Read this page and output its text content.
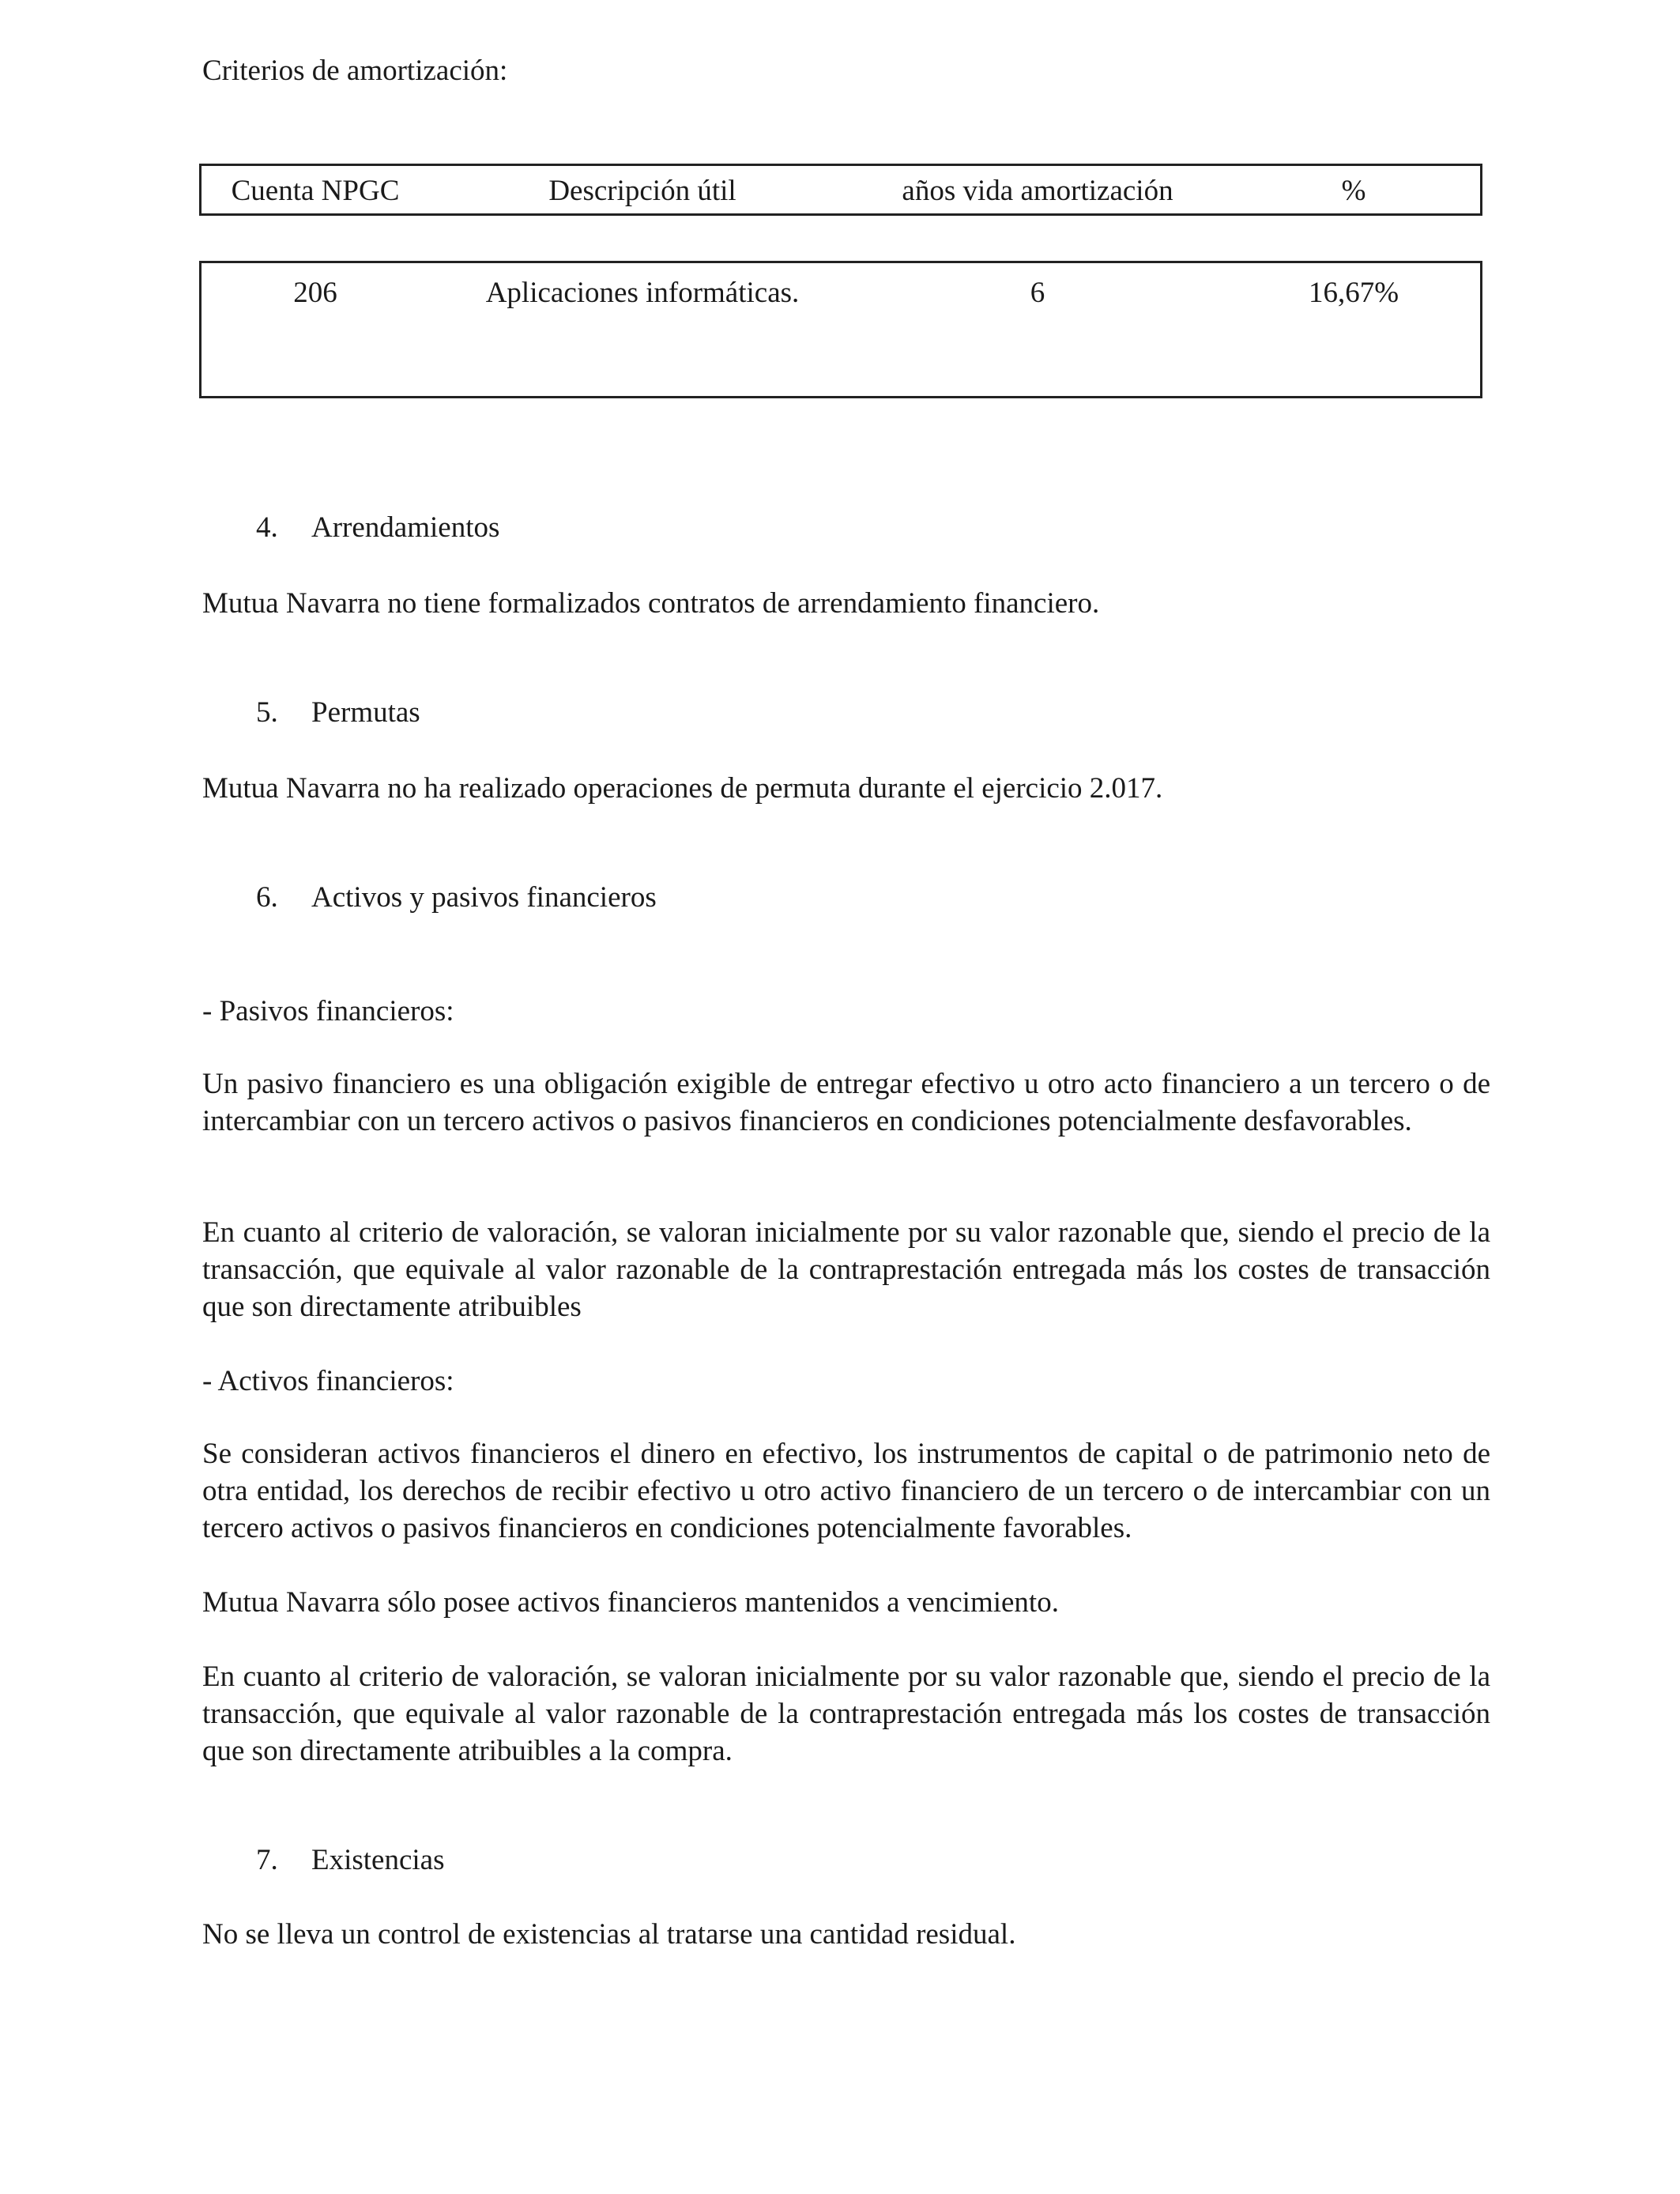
Criterios de amortización:
Cuenta NPGC	Descripción útil	años vida amortización	%
206	Aplicaciones informáticas.	6	16,67%
4. Arrendamientos
Mutua Navarra no tiene formalizados contratos de arrendamiento financiero.
5. Permutas
Mutua Navarra no ha realizado operaciones de permuta durante el ejercicio 2.017.
6. Activos y pasivos financieros
- Pasivos financieros:

Un pasivo financiero es una obligación exigible de entregar efectivo u otro acto financiero a un tercero o de intercambiar con un tercero activos o pasivos financieros en condiciones potencialmente desfavorables.

En cuanto al criterio de valoración, se valoran inicialmente por su valor razonable que, siendo el precio de la transacción, que equivale al valor razonable de la contraprestación entregada más los costes de transacción que son directamente atribuibles

- Activos financieros:

Se consideran activos financieros el dinero en efectivo, los instrumentos de capital o de patrimonio neto de otra entidad, los derechos de recibir efectivo u otro activo financiero de un tercero o de intercambiar con un tercero activos o pasivos financieros en condiciones potencialmente favorables.

Mutua Navarra sólo posee activos financieros mantenidos a vencimiento.

En cuanto al criterio de valoración, se valoran inicialmente por su valor razonable que, siendo el precio de la transacción, que equivale al valor razonable de la contraprestación entregada más los costes de transacción que son directamente atribuibles a la compra.

7. Existencias
No se lleva un control de existencias al tratarse una cantidad residual.
